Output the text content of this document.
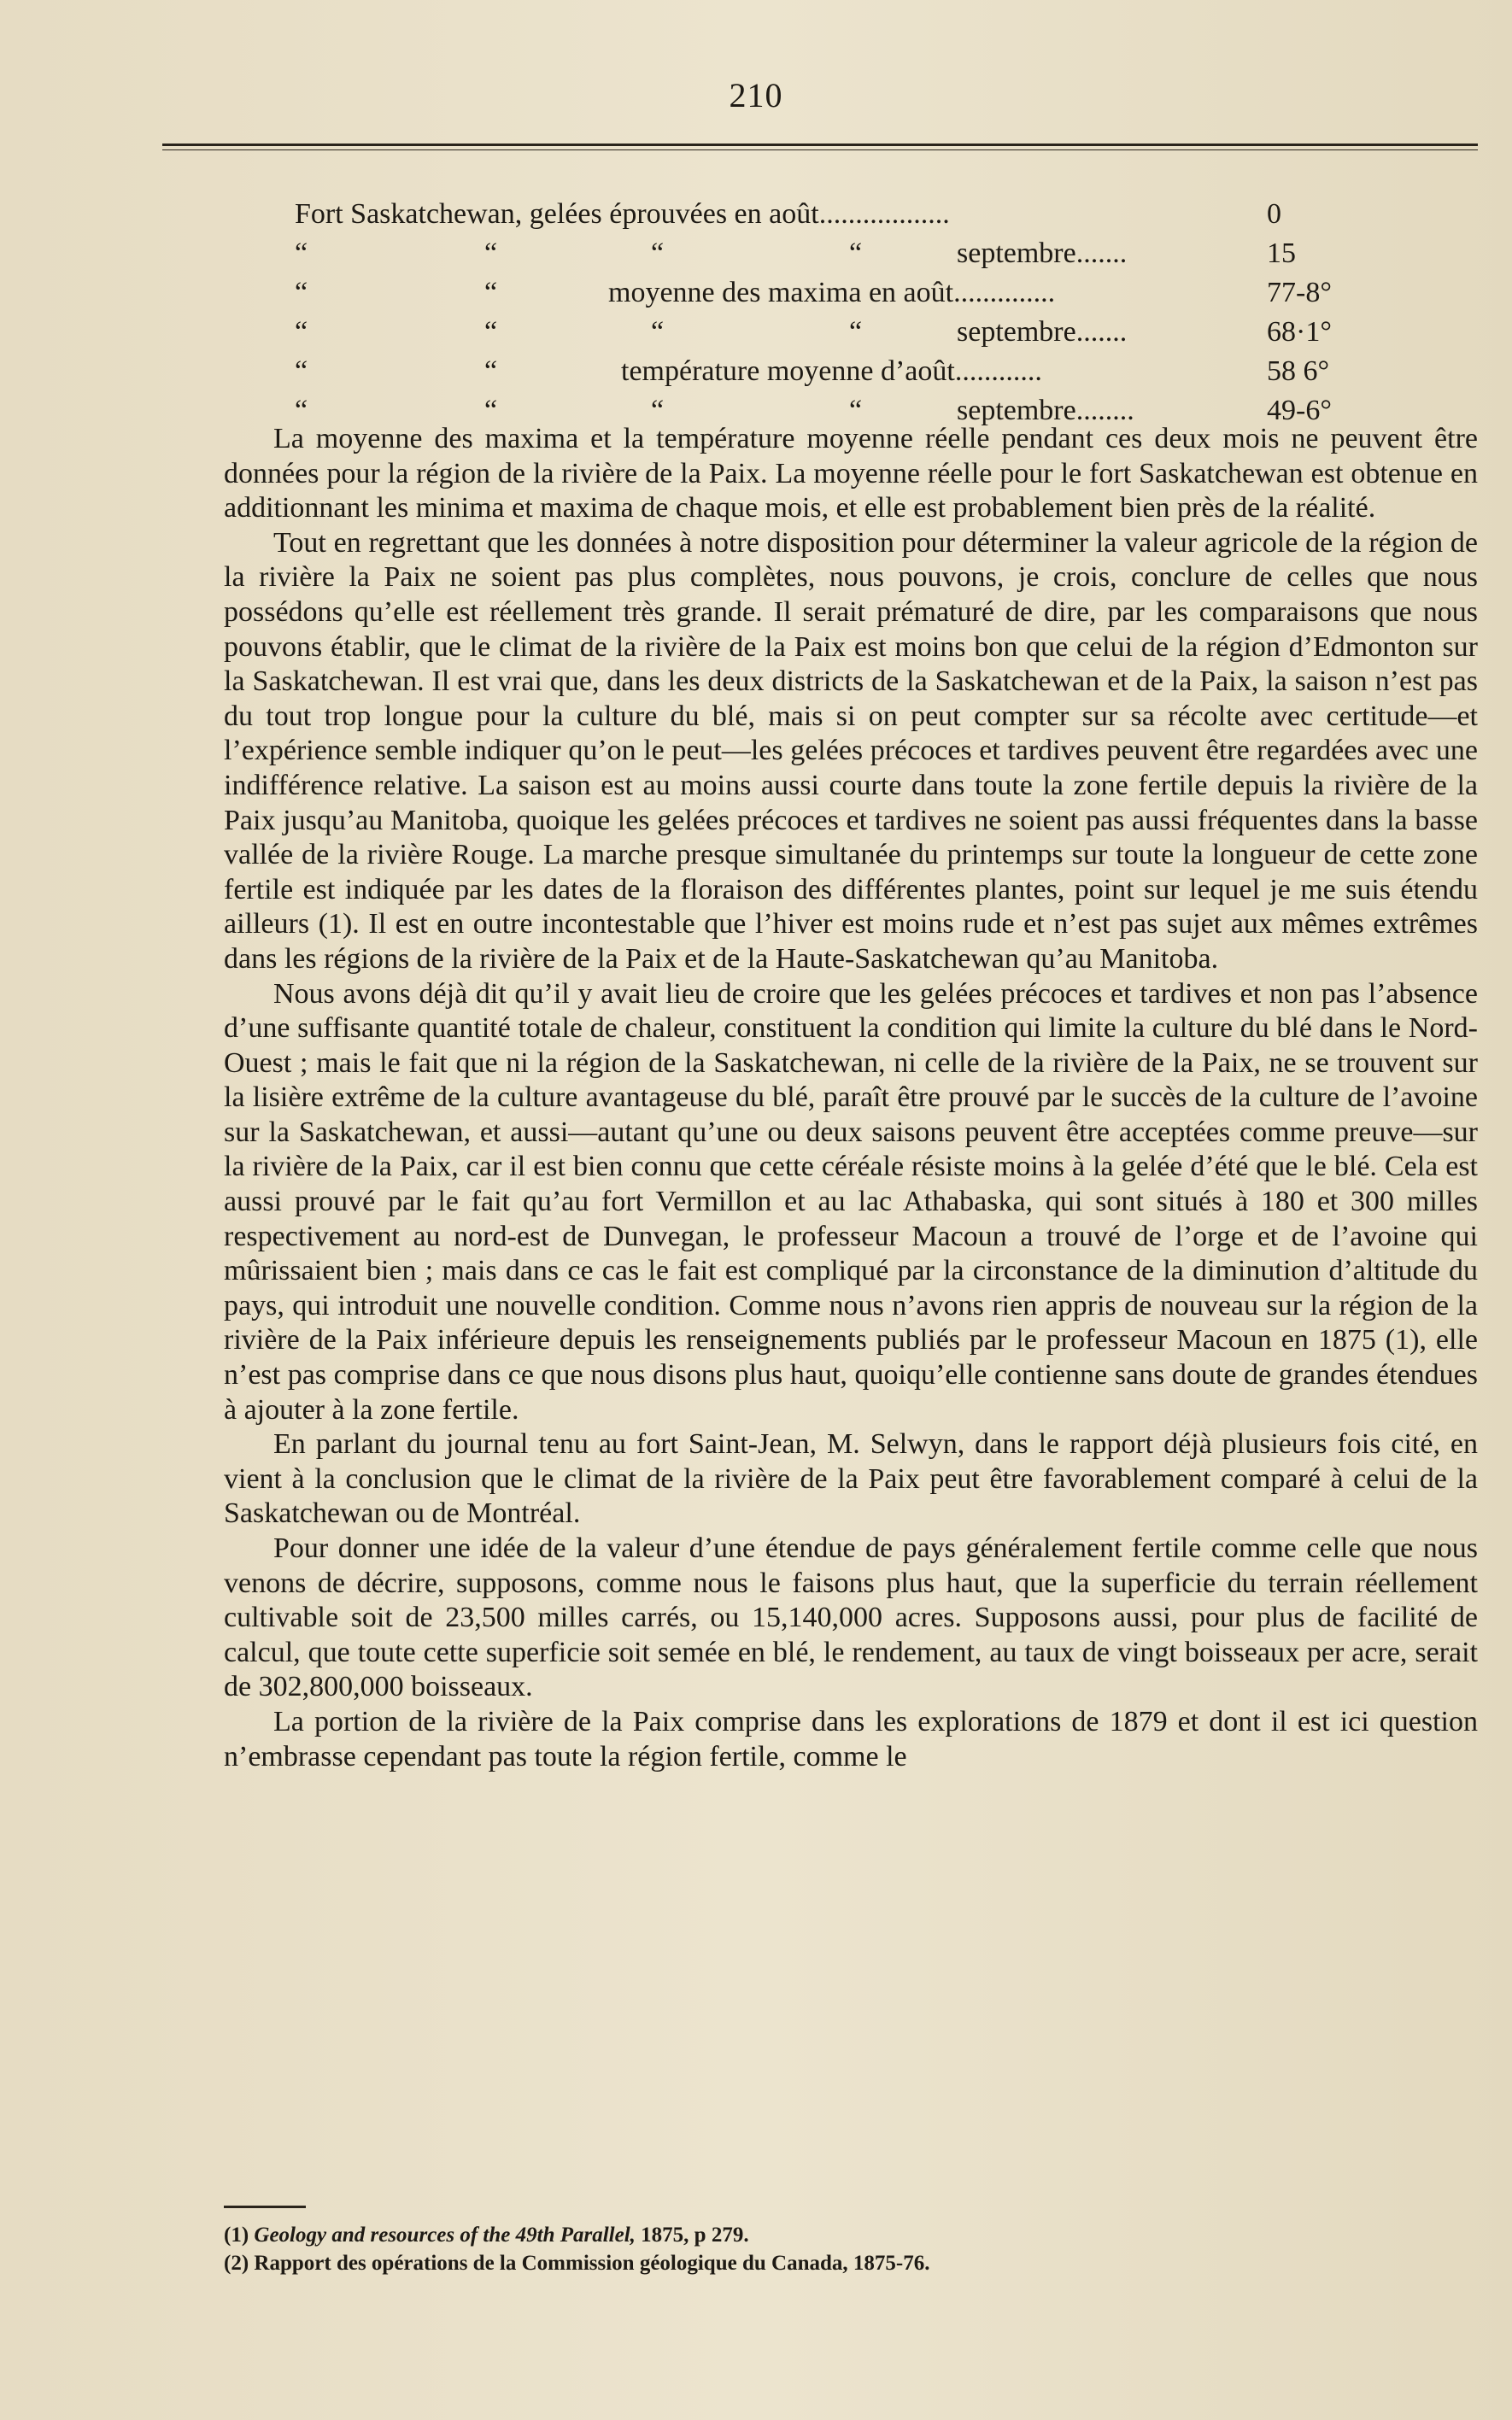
210
Fort Saskatchewan, gelées éprouvées en août..................	0
“	“	“	“	septembre.......	15
“	“	moyenne des maxima en août..............	77-8°
“	“	“	“	septembre.......	68·1°
“	“	température moyenne d’août............	58 6°
“	“	“	“	septembre........	49-6°

La moyenne des maxima et la température moyenne réelle pendant ces deux mois ne peuvent être données pour la région de la rivière de la Paix. La moyenne réelle pour le fort Saskatchewan est obtenue en additionnant les minima et maxima de chaque mois, et elle est probablement bien près de la réalité.

Tout en regrettant que les données à notre disposition pour déterminer la valeur agricole de la région de la rivière la Paix ne soient pas plus complètes, nous pouvons, je crois, conclure de celles que nous possédons qu’elle est réellement très grande. Il serait prématuré de dire, par les comparaisons que nous pouvons établir, que le climat de la rivière de la Paix est moins bon que celui de la région d’Edmonton sur la Saskatchewan. Il est vrai que, dans les deux districts de la Saskatchewan et de la Paix, la saison n’est pas du tout trop longue pour la culture du blé, mais si on peut compter sur sa récolte avec certitude—et l’expérience semble indiquer qu’on le peut—les gelées précoces et tardives peuvent être regardées avec une indifférence relative. La saison est au moins aussi courte dans toute la zone fertile depuis la rivière de la Paix jusqu’au Manitoba, quoique les gelées précoces et tardives ne soient pas aussi fréquentes dans la basse vallée de la rivière Rouge. La marche presque simultanée du printemps sur toute la longueur de cette zone fertile est indiquée par les dates de la floraison des différentes plantes, point sur lequel je me suis étendu ailleurs (1). Il est en outre incontestable que l’hiver est moins rude et n’est pas sujet aux mêmes extrêmes dans les régions de la rivière de la Paix et de la Haute-Saskatchewan qu’au Manitoba.

Nous avons déjà dit qu’il y avait lieu de croire que les gelées précoces et tardives et non pas l’absence d’une suffisante quantité totale de chaleur, constituent la condition qui limite la culture du blé dans le Nord-Ouest ; mais le fait que ni la région de la Saskatchewan, ni celle de la rivière de la Paix, ne se trouvent sur la lisière extrême de la culture avantageuse du blé, paraît être prouvé par le succès de la culture de l’avoine sur la Saskatchewan, et aussi—autant qu’une ou deux saisons peuvent être acceptées comme preuve—sur la rivière de la Paix, car il est bien connu que cette céréale résiste moins à la gelée d’été que le blé. Cela est aussi prouvé par le fait qu’au fort Vermillon et au lac Athabaska, qui sont situés à 180 et 300 milles respectivement au nord-est de Dunvegan, le professeur Macoun a trouvé de l’orge et de l’avoine qui mûrissaient bien ; mais dans ce cas le fait est compliqué par la circonstance de la diminution d’altitude du pays, qui introduit une nouvelle condition. Comme nous n’avons rien appris de nouveau sur la région de la rivière de la Paix inférieure depuis les renseignements publiés par le professeur Macoun en 1875 (1), elle n’est pas comprise dans ce que nous disons plus haut, quoiqu’elle contienne sans doute de grandes étendues à ajouter à la zone fertile.

En parlant du journal tenu au fort Saint-Jean, M. Selwyn, dans le rapport déjà plusieurs fois cité, en vient à la conclusion que le climat de la rivière de la Paix peut être favorablement comparé à celui de la Saskatchewan ou de Montréal.

Pour donner une idée de la valeur d’une étendue de pays généralement fertile comme celle que nous venons de décrire, supposons, comme nous le faisons plus haut, que la superficie du terrain réellement cultivable soit de 23,500 milles carrés, ou 15,140,000 acres. Supposons aussi, pour plus de facilité de calcul, que toute cette superficie soit semée en blé, le rendement, au taux de vingt boisseaux per acre, serait de 302,800,000 boisseaux.

La portion de la rivière de la Paix comprise dans les explorations de 1879 et dont il est ici question n’embrasse cependant pas toute la région fertile, comme le

(1) Geology and resources of the 49th Parallel, 1875, p 279.
(2) Rapport des opérations de la Commission géologique du Canada, 1875-76.
